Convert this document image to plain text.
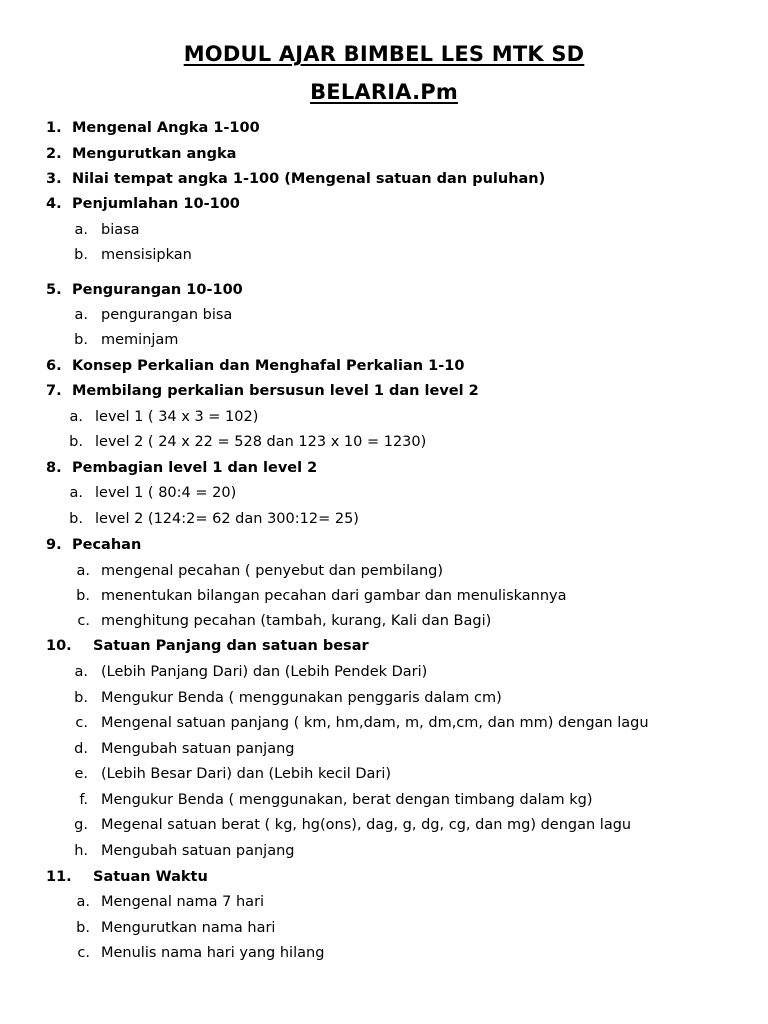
MODUL AJAR BIMBEL LES MTK SD
BELARIA.Pm
1. Mengenal Angka 1-100
2. Mengurutkan angka
3. Nilai tempat angka 1-100 (Mengenal satuan dan puluhan)
4. Penjumlahan 10-100
a. biasa
b. mensisipkan
5. Pengurangan 10-100
a. pengurangan bisa
b. meminjam
6. Konsep Perkalian dan Menghafal Perkalian 1-10
7. Membilang perkalian bersusun level 1 dan level 2
a. level 1 ( 34 x 3 = 102)
b. level 2 ( 24 x 22 = 528 dan 123 x 10 = 1230)
8. Pembagian level 1 dan level 2
a. level 1 ( 80:4 = 20)
b. level 2 (124:2= 62 dan 300:12= 25)
9. Pecahan
a. mengenal pecahan ( penyebut dan pembilang)
b. menentukan bilangan pecahan dari gambar dan menuliskannya
c. menghitung pecahan (tambah, kurang, Kali dan Bagi)
10. Satuan Panjang dan satuan besar
a. (Lebih Panjang Dari) dan (Lebih Pendek Dari)
b. Mengukur Benda ( menggunakan penggaris dalam cm)
c. Mengenal satuan panjang ( km, hm,dam, m, dm,cm, dan mm) dengan lagu
d. Mengubah satuan panjang
e. (Lebih Besar Dari) dan (Lebih kecil Dari)
f. Mengukur Benda ( menggunakan, berat dengan timbang dalam kg)
g. Megenal satuan berat ( kg, hg(ons), dag, g, dg, cg, dan mg) dengan lagu
h. Mengubah satuan panjang
11. Satuan Waktu
a. Mengenal nama 7 hari
b. Mengurutkan nama hari
c. Menulis nama hari yang hilang
